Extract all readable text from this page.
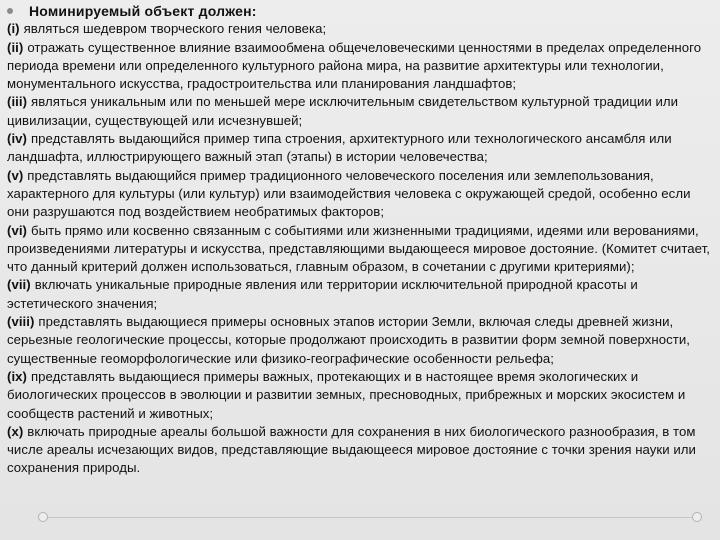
Номинируемый объект должен:

(i) являться шедевром творческого гения человека;

(ii) отражать существенное влияние взаимообмена общечеловеческими ценностями в пределах определенного периода времени или определенного культурного района мира, на развитие архитектуры или технологии, монументального искусства, градостроительства или планирования ландшафтов;

(iii) являться уникальным или по меньшей мере исключительным свидетельством культурной традиции или цивилизации, существующей или исчезнувшей;

(iv) представлять выдающийся пример типа строения, архитектурного или технологического ансамбля или ландшафта, иллюстрирующего важный этап (этапы) в истории человечества;

(v) представлять выдающийся пример традиционного человеческого поселения или землепользования, характерного для культуры (или культур) или взаимодействия человека с окружающей средой, особенно если они разрушаются под воздействием необратимых факторов;

(vi) быть прямо или косвенно связанным с событиями или жизненными традициями, идеями или верованиями, произведениями литературы и искусства, представляющими выдающееся мировое достояние. (Комитет считает, что данный критерий должен использоваться, главным образом, в сочетании с другими критериями);

(vii) включать уникальные природные явления или территории исключительной природной красоты и эстетического значения;

(viii) представлять выдающиеся примеры основных этапов истории Земли, включая следы древней жизни, серьезные геологические процессы, которые продолжают происходить в развитии форм земной поверхности, существенные геоморфологические или физико-географические особенности рельефа;

(ix) представлять выдающиеся примеры важных, протекающих и в настоящее время экологических и биологических процессов в эволюции и развитии земных, пресноводных, прибрежных и морских экосистем и сообществ растений и животных;

(x) включать природные ареалы большой важности для сохранения в них биологического разнообразия, в том числе ареалы исчезающих видов, представляющие выдающееся мировое достояние с точки зрения науки или сохранения природы.
